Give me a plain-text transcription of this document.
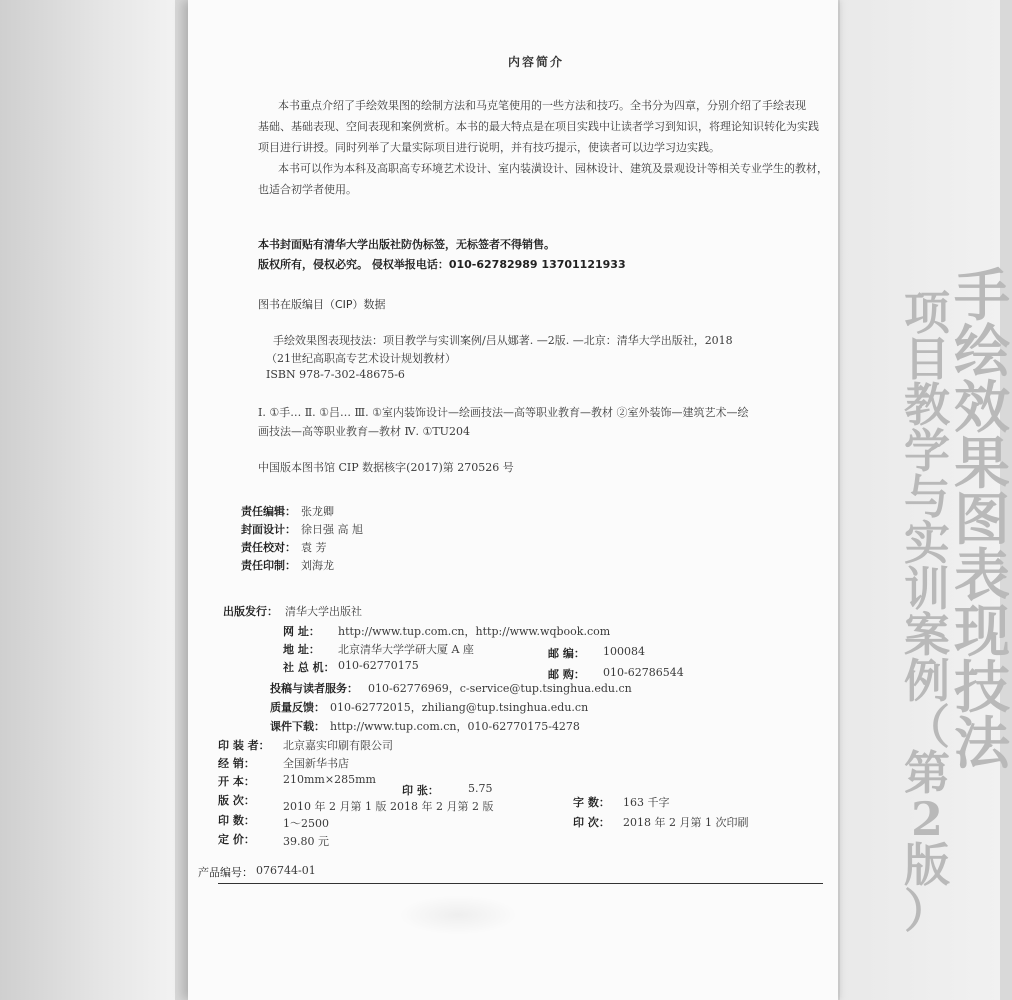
手
绘
效
果
图
表
现
技
法
项
目
教
学
与
实
训
案
例
（
第
2
版
）
内容简介
本书重点介绍了手绘效果图的绘制方法和马克笔使用的一些方法和技巧。全书分为四章，分别介绍了手绘表现
基础、基础表现、空间表现和案例赏析。本书的最大特点是在项目实践中让读者学习到知识，将理论知识转化为实践
项目进行讲授。同时列举了大量实际项目进行说明，并有技巧提示，使读者可以边学习边实践。
本书可以作为本科及高职高专环境艺术设计、室内装潢设计、园林设计、建筑及景观设计等相关专业学生的教材，
也适合初学者使用。
本书封面贴有清华大学出版社防伪标签，无标签者不得销售。
版权所有，侵权必究。 侵权举报电话：010-62782989 13701121933
图书在版编目（CIP）数据
手绘效果图表现技法：项目教学与实训案例/吕从娜著. —2版. —北京：清华大学出版社，2018
（21世纪高职高专艺术设计规划教材）
ISBN 978-7-302-48675-6
Ⅰ. ①手… Ⅱ. ①吕… Ⅲ. ①室内装饰设计—绘画技法—高等职业教育—教材 ②室外装饰—建筑艺术—绘
画技法—高等职业教育—教材 Ⅳ. ①TU204
中国版本图书馆 CIP 数据核字(2017)第 270526 号
责任编辑： 张龙卿
封面设计： 徐日强 高 旭
责任校对： 袁 芳
责任印制： 刘海龙
出版发行： 清华大学出版社
网 址： http://www.tup.com.cn，http://www.wqbook.com
地 址： 北京清华大学学研大厦 A 座	邮 编： 100084
社 总 机： 010-62770175
邮 购： 010-62786544
投稿与读者服务： 010-62776969，c-service@tup.tsinghua.edu.cn
质量反馈： 010-62772015，zhiliang@tup.tsinghua.edu.cn
课件下载： http://www.tup.com.cn，010-62770175-4278
印 装 者： 北京嘉实印刷有限公司
经 销：	全国新华书店
开 本：	210mm×285mm
印 张：	5.75
字 数： 163 千字
版 次：	2010 年 2 月第 1 版 2018 年 2 月第 2 版
印 次： 2018 年 2 月第 1 次印刷
印 数：	1～2500
定 价：	39.80 元
产品编号： 076744-01
